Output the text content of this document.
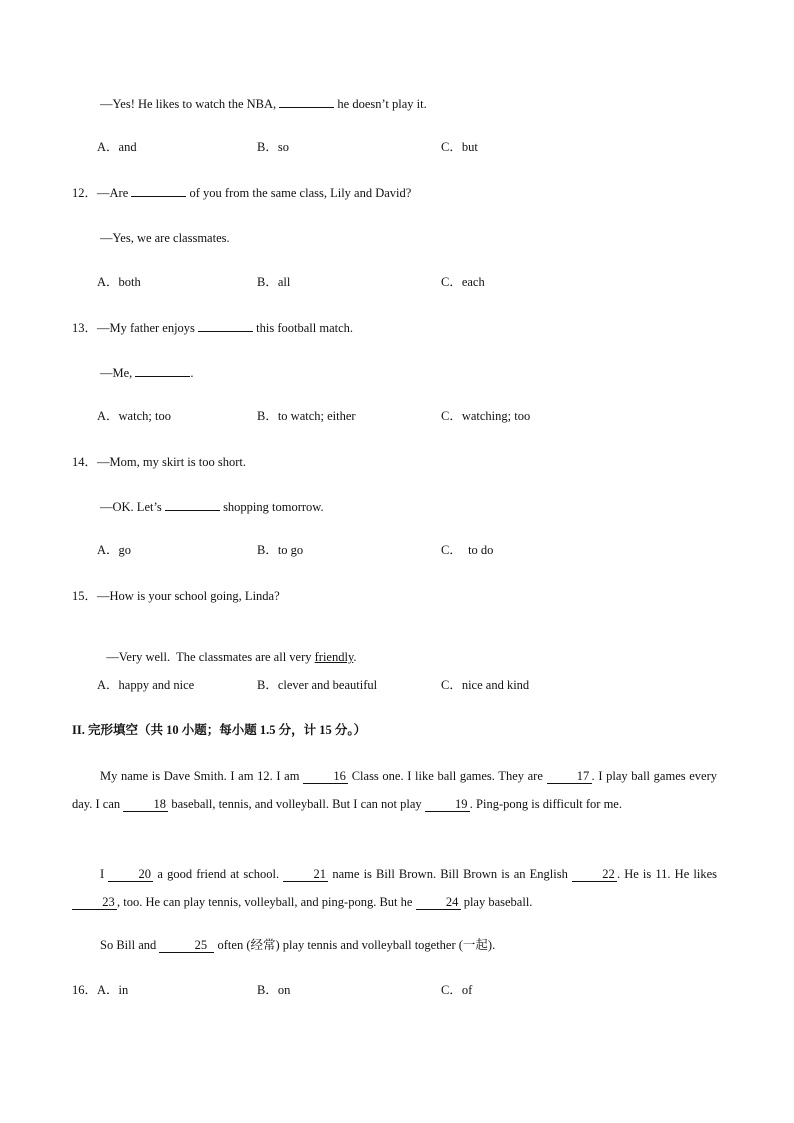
—Yes! He likes to watch the NBA,	he doesn’t play it.
A．and	B．so	C．but
12．—Are	of you from the same class, Lily and David?
—Yes, we are classmates.
A．both	B．all	C．each
13．—My father enjoys	this football match.
—Me,	.
A．watch; too	B．to watch; either	C．watching; too
14．—Mom, my skirt is too short.
—OK. Let’s	shopping tomorrow.
A．go	B．to go	C．  to do
15．—How is your school going, Linda?

—Very well.  The classmates are all very friendly.

A．happy and nice	B．clever and beautiful	C．nice and kind
II. 完形填空（共 10 小题；每小题 1.5 分，计 15 分。）
My name is Dave Smith. I am 12. I am 16 Class one. I like ball games. They are 17 . I play ball games every day. I can 18 baseball, tennis, and volleyball. But I can not play 19 . Ping-pong is difficult for me.
I 20 a good friend at school. 21 name is Bill Brown. Bill Brown is an English 22 . He is 11. He likes 23 , too. He can play tennis, volleyball, and ping-pong. But he 24 play baseball.
So Bill and	25 often (经常) play tennis and volleyball together (一起).
16． A．in	B．on	C．of
